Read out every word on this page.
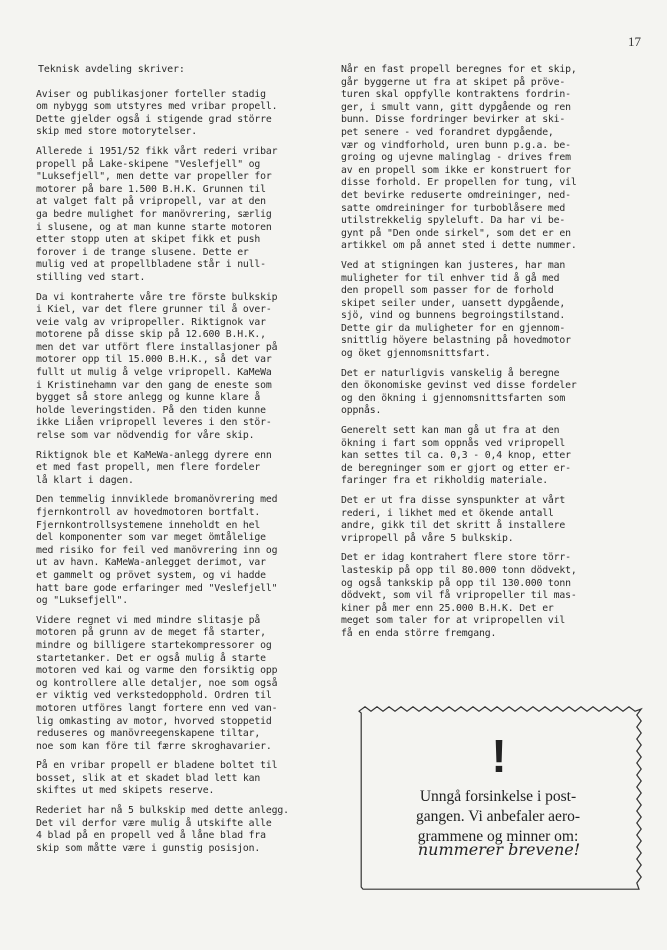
17
Teknisk avdeling skriver:
Aviser og publikasjoner forteller stadig
om nybygg som utstyres med vribar propell.
Dette gjelder også i stigende grad större
skip med store motorytelser.
Allerede i 1951/52 fikk vårt rederi vribar
propell på Lake-skipene "Veslefjell" og
"Luksefjell", men dette var propeller for
motorer på bare 1.500 B.H.K. Grunnen til
at valget falt på vripropell, var at den
ga bedre mulighet for manövrering, særlig
i slusene, og at man kunne starte motoren
etter stopp uten at skipet fikk et push
forover i de trange slusene. Dette er
mulig ved at propellbladene står i null-
stilling ved start.
Da vi kontraherte våre tre förste bulkskip
i Kiel, var det flere grunner til å over-
veie valg av vripropeller. Riktignok var
motorene på disse skip på 12.600 B.H.K.,
men det var utfört flere installasjoner på
motorer opp til 15.000 B.H.K., så det var
fullt ut mulig å velge vripropell. KaMeWa
i Kristinehamn var den gang de eneste som
bygget så store anlegg og kunne klare å
holde leveringstiden. På den tiden kunne
ikke Liåen vripropell leveres i den stör-
relse som var nödvendig for våre skip.
Riktignok ble et KaMeWa-anlegg dyrere enn
et med fast propell, men flere fordeler
lå klart i dagen.
Den temmelig innviklede bromanövrering med
fjernkontroll av hovedmotoren bortfalt.
Fjernkontrollsystemene inneholdt en hel
del komponenter som var meget ömtålelige
med risiko for feil ved manövrering inn og
ut av havn. KaMeWa-anlegget derimot, var
et gammelt og prövet system, og vi hadde
hatt bare gode erfaringer med "Veslefjell"
og "Luksefjell".
Videre regnet vi med mindre slitasje på
motoren på grunn av de meget få starter,
mindre og billigere startekompressorer og
startetanker. Det er også mulig å starte
motoren ved kai og varme den forsiktig opp
og kontrollere alle detaljer, noe som også
er viktig ved verkstedopphold. Ordren til
motoren utföres langt fortere enn ved van-
lig omkasting av motor, hvorved stoppetid
reduseres og manövreegenskapene tiltar,
noe som kan före til færre skroghavarier.
På en vribar propell er bladene boltet til
bosset, slik at et skadet blad lett kan
skiftes ut med skipets reserve.
Rederiet har nå 5 bulkskip med dette anlegg.
Det vil derfor være mulig å utskifte alle
4 blad på en propell ved å låne blad fra
skip som måtte være i gunstig posisjon.
Når en fast propell beregnes for et skip,
går byggerne ut fra at skipet på pröve-
turen skal oppfylle kontraktens fordrin-
ger, i smult vann, gitt dypgående og ren
bunn. Disse fordringer bevirker at ski-
pet senere - ved forandret dypgående,
vær og vindforhold, uren bunn p.g.a. be-
groing og ujevne malinglag - drives frem
av en propell som ikke er konstruert for
disse forhold. Er propellen for tung, vil
det bevirke reduserte omdreininger, ned-
satte omdreininger for turboblåsere med
utilstrekkelig spyleluft. Da har vi be-
gynt på "Den onde sirkel", som det er en
artikkel om på annet sted i dette nummer.
Ved at stigningen kan justeres, har man
muligheter for til enhver tid å gå med
den propell som passer for de forhold
skipet seiler under, uansett dypgående,
sjö, vind og bunnens begroingstilstand.
Dette gir da muligheter for en gjennom-
snittlig höyere belastning på hovedmotor
og öket gjennomsnittsfart.
Det er naturligvis vanskelig å beregne
den ökonomiske gevinst ved disse fordeler
og den ökning i gjennomsnittsfarten som
oppnås.
Generelt sett kan man gå ut fra at den
ökning i fart som oppnås ved vripropell
kan settes til ca. 0,3 - 0,4 knop, etter
de beregninger som er gjort og etter er-
faringer fra et rikholdig materiale.
Det er ut fra disse synspunkter at vårt
rederi, i likhet med et ökende antall
andre, gikk til det skritt å installere
vripropell på våre 5 bulkskip.
Det er idag kontrahert flere store törr-
lasteskip på opp til 80.000 tonn dödvekt,
og også tankskip på opp til 130.000 tonn
dödvekt, som vil få vripropeller til mas-
kiner på mer enn 25.000 B.H.K. Det er
meget som taler for at vripropellen vil
få en enda större fremgang.
!
Unngå forsinkelse i post-
gangen. Vi anbefaler aero-
grammene og minner om:
nummerer brevene!
